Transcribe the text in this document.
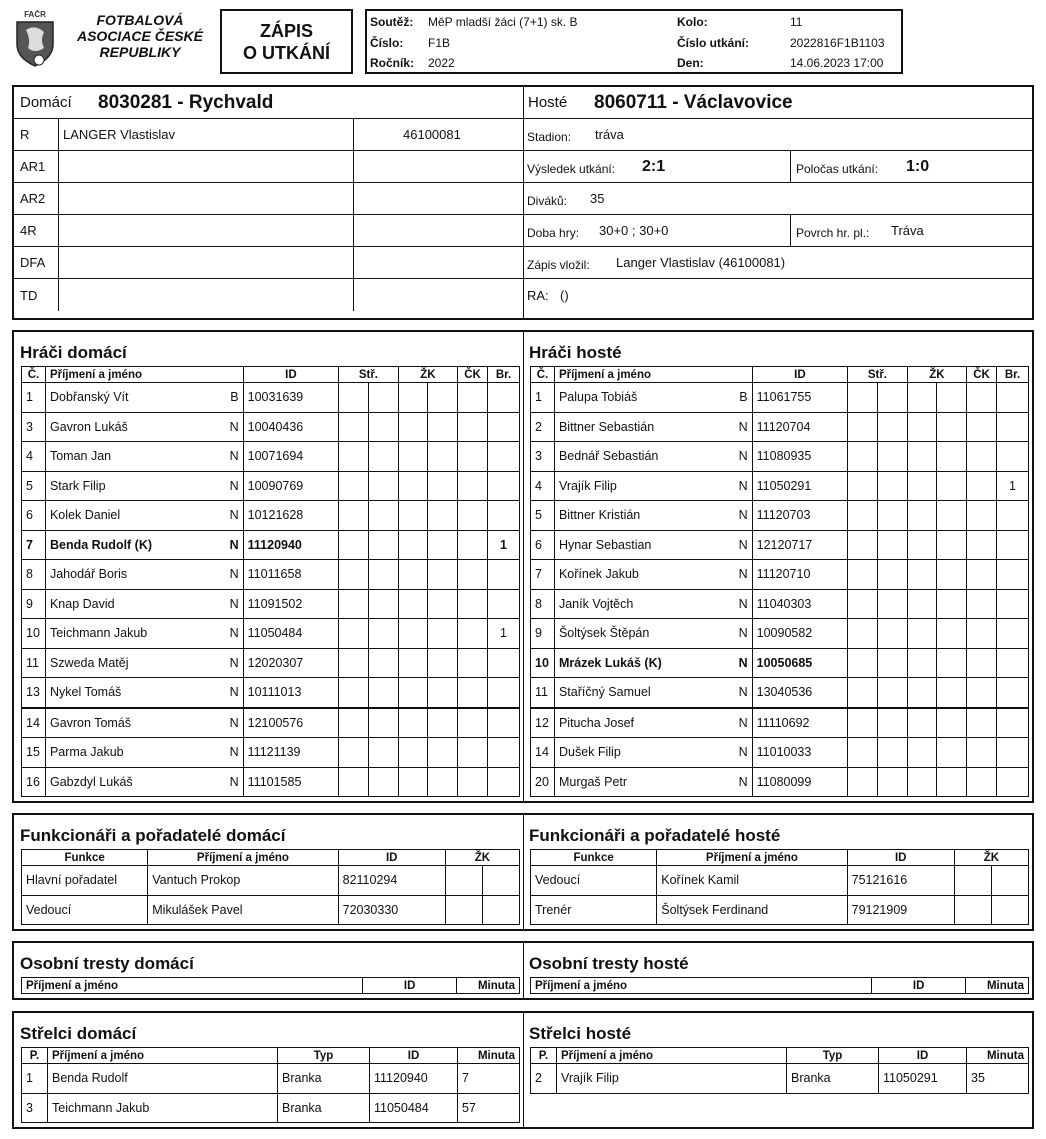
FAČR	FOTBALOVÁ
ASOCIACE ČESKÉ
REPUBLIKY
ZÁPIS
O UTKÁNÍ
Soutěž: MěP mladší žáci (7+1) sk. B
Číslo: F1B
Ročník: 2022
Kolo:	11
Číslo utkání:	2022816F1B1103
Den:	14.06.2023 17:00
Domácí 8030281 - Rychvald
R	LANGER Vlastislav	46100081
AR1
AR2
4R
DFA
TD
Hosté 8060711 - Václavovice
Stadion: tráva
Výsledek utkání: 2:1	Poločas utkání: 1:0
Diváků: 35
Doba hry: 30+0 ; 30+0	Povrch hr. pl.: Tráva
Zápis vložil: Langer Vlastislav (46100081)
RA: ()
Hráči domácí	Hráči hosté
Č.	Příjmení a jméno	ID	Stř.		ŽK		ČK	Br.
1	Dobřanský Vít B	10031639						
3	Gavron Lukáš N	10040436						
4	Toman Jan N	10071694						
5	Stark Filip N	10090769						
6	Kolek Daniel N	10121628						
7	Benda Rudolf (K) N	11120940						1
8	Jahodář Boris N	11011658						
9	Knap David N	11091502						
10	Teichmann Jakub N	11050484						1
11	Szweda Matěj N	12020307						
13	Nykel Tomáš N	10111013						
14	Gavron Tomáš N	12100576						
15	Parma Jakub N	11121139						
16	Gabzdyl Lukáš N	11101585						
Č.	Příjmení a jméno	ID	Stř.		ŽK		ČK	Br.
1	Palupa Tobiáš B	11061755						
2	Bittner Sebastián N	11120704						
3	Bednář Sebastián N	11080935						
4	Vrajík Filip N	11050291						1
5	Bittner Kristián N	11120703						
6	Hynar Sebastian N	12120717						
7	Kořínek Jakub N	11120710						
8	Janík Vojtěch N	11040303						
9	Šoltýsek Štěpán N	10090582						
10	Mrázek Lukáš (K) N	10050685						
11	Staříčný Samuel N	13040536						
12	Pitucha Josef N	11110692						
14	Dušek Filip N	11010033						
20	Murgaš Petr N	11080099						
Funkcionáři a pořadatelé domácí	Funkcionáři a pořadatelé hosté
Funkce	Příjmení a jméno	ID	ŽK	
Hlavní pořadatel	Vantuch Prokop	82110294		
Vedoucí	Mikulášek Pavel	72030330		
Funkce	Příjmení a jméno	ID	ŽK	
Vedoucí	Kořínek Kamil	75121616		
Trenér	Šoltýsek Ferdinand	79121909		
Osobní tresty domácí	Osobní tresty hosté
Příjmení a jméno	ID	Minuta Příjmení a jméno	ID	Minuta
Střelci domácí	Střelci hosté
P.	Příjmení a jméno	Typ	ID	Minuta
1	Benda Rudolf	Branka	11120940	7
3	Teichmann Jakub	Branka	11050484	57
P.	Příjmení a jméno	Typ	ID	Minuta
2	Vrajík Filip	Branka	11050291	35
